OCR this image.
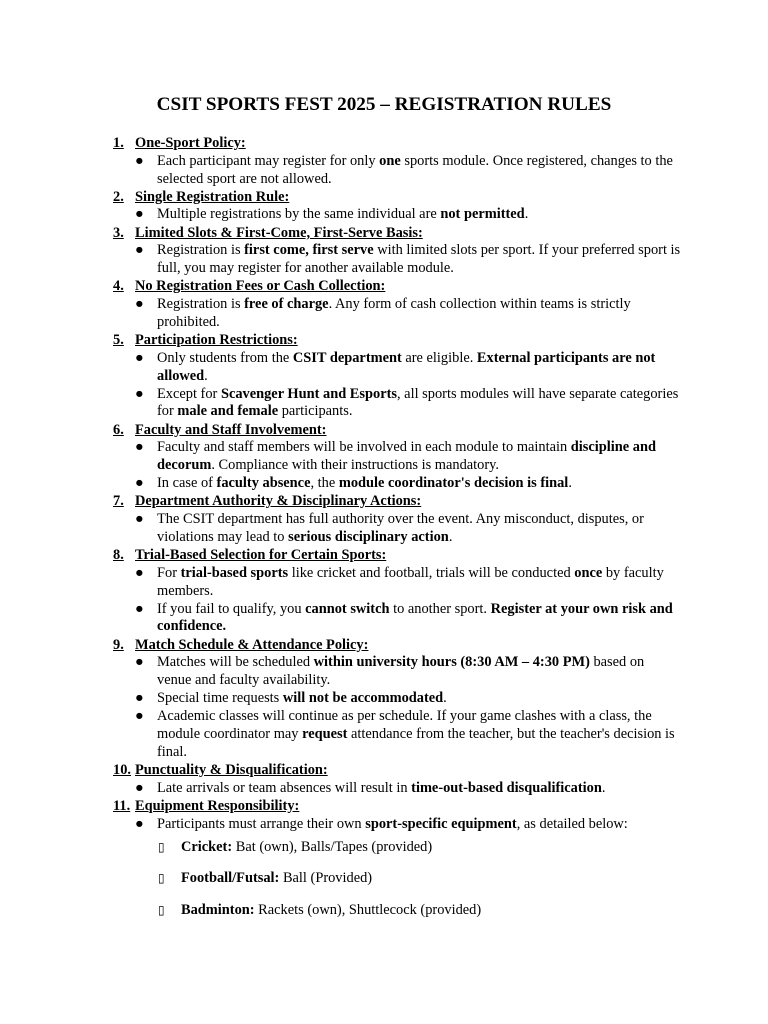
CSIT SPORTS FEST 2025 – REGISTRATION RULES

1. One-Sport Policy:

● Each participant may register for only one sports module. Once registered, changes to the selected sport are not allowed.

2. Single Registration Rule:

● Multiple registrations by the same individual are not permitted.

3. Limited Slots & First-Come, First-Serve Basis:

● Registration is first come, first serve with limited slots per sport. If your preferred sport is full, you may register for another available module.

4. No Registration Fees or Cash Collection:

● Registration is free of charge. Any form of cash collection within teams is strictly prohibited.

5. Participation Restrictions:

● Only students from the CSIT department are eligible. External participants are not allowed.
● Except for Scavenger Hunt and Esports, all sports modules will have separate categories for male and female participants.

6. Faculty and Staff Involvement:

● Faculty and staff members will be involved in each module to maintain discipline and decorum. Compliance with their instructions is mandatory.
● In case of faculty absence, the module coordinator's decision is final.

7. Department Authority & Disciplinary Actions:

● The CSIT department has full authority over the event. Any misconduct, disputes, or violations may lead to serious disciplinary action.

8. Trial-Based Selection for Certain Sports:

● For trial-based sports like cricket and football, trials will be conducted once by faculty members.
● If you fail to qualify, you cannot switch to another sport. Register at your own risk and confidence.

9. Match Schedule & Attendance Policy:

● Matches will be scheduled within university hours (8:30 AM – 4:30 PM) based on venue and faculty availability.
● Special time requests will not be accommodated.
● Academic classes will continue as per schedule. If your game clashes with a class, the module coordinator may request attendance from the teacher, but the teacher's decision is final.

10. Punctuality & Disqualification:

● Late arrivals or team absences will result in time-out-based disqualification.

11. Equipment Responsibility:

● Participants must arrange their own sport-specific equipment, as detailed below:
▯	Cricket: Bat (own), Balls/Tapes (provided)
▯	Football/Futsal: Ball (Provided)
▯	Badminton: Rackets (own), Shuttlecock (provided)
